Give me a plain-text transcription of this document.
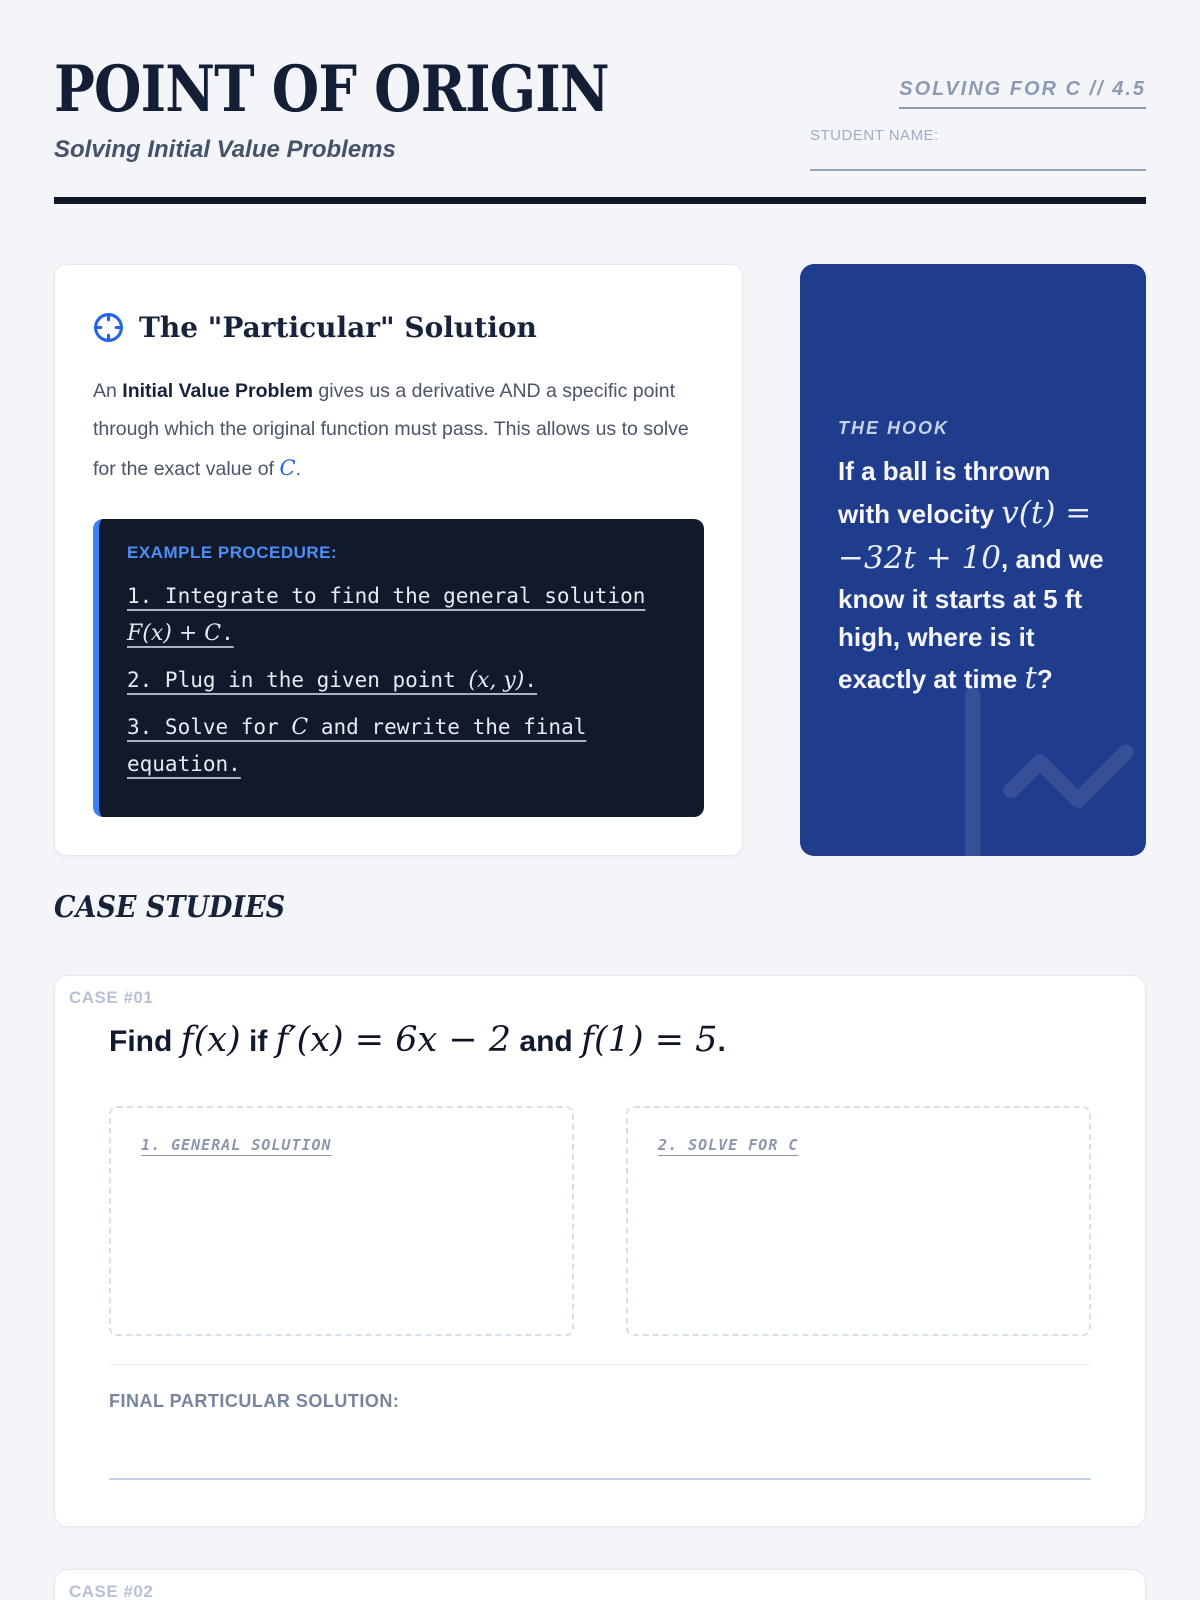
POINT OF ORIGIN
Solving Initial Value Problems
SOLVING FOR C // 4.5
STUDENT NAME:
The "Particular" Solution

An Initial Value Problem gives us a derivative AND a specific point through which the original function must pass. This allows us to solve for the exact value of C.

EXAMPLE PROCEDURE:
1. Integrate to find the general solution F(x) + C.
2. Plug in the given point (x, y).
3. Solve for C and rewrite the final equation.
THE HOOK
If a ball is thrown with velocity v(t) = −32t + 10, and we know it starts at 5 ft high, where is it exactly at time t?
CASE STUDIES
CASE #01
Find f(x) if f′(x) = 6x − 2 and f(1) = 5.
1. GENERAL SOLUTION	2. SOLVE FOR C
FINAL PARTICULAR SOLUTION:
CASE #02
